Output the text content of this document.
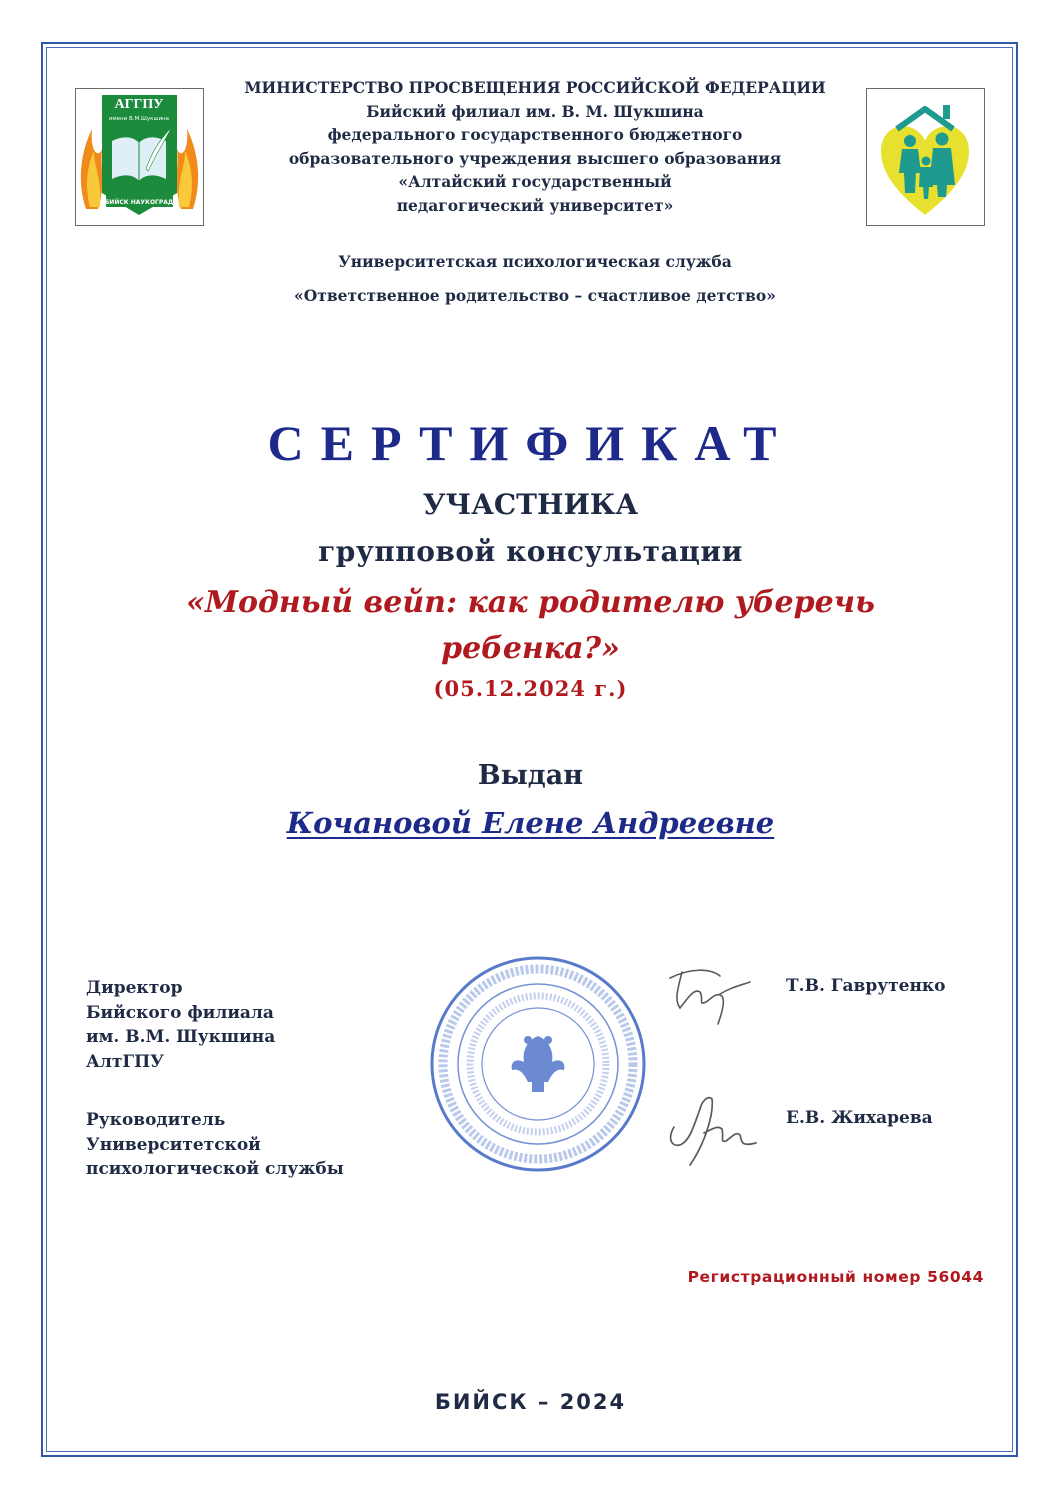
АГГПУ
имени В.М.Шукшина
БИЙСК НАУКОГРАД
МИНИСТЕРСТВО ПРОСВЕЩЕНИЯ РОССИЙСКОЙ ФЕДЕРАЦИИ
Бийский филиал им. В. М. Шукшина
федерального государственного бюджетного
образовательного учреждения высшего образования
«Алтайский государственный
педагогический университет»
Университетская психологическая служба
«Ответственное родительство – счастливое детство»
СЕРТИФИКАТ
УЧАСТНИКА
групповой консультации
«Модный вейп: как родителю уберечь
ребенка?»
(05.12.2024 г.)
Выдан
Кочановой Елене Андреевне
Директор
Бийского филиала
им. В.М. Шукшина
АлтГПУ
Т.В. Гаврутенко
Руководитель
Университетской
психологической службы
Е.В. Жихарева
Регистрационный номер 56044
БИЙСК – 2024
